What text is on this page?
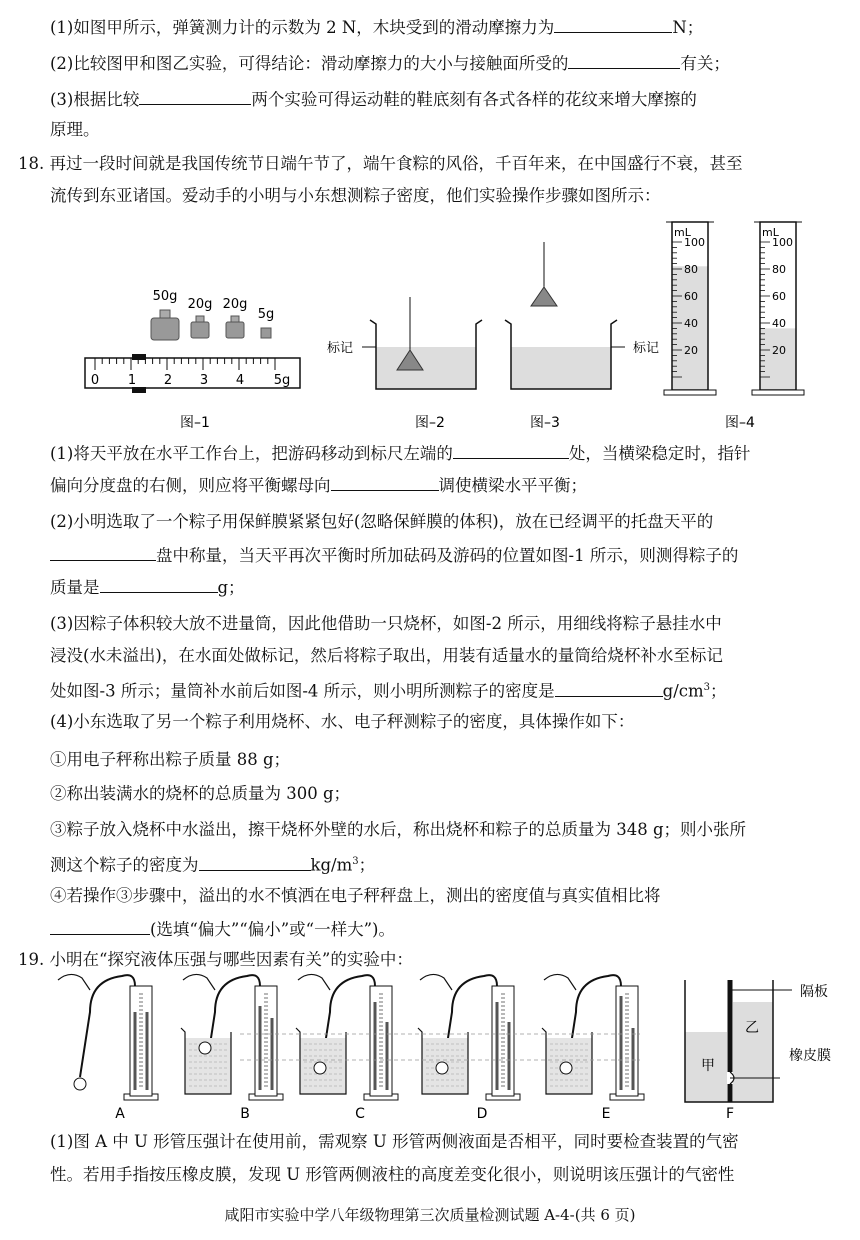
(1)如图甲所示，弹簧测力计的示数为 2 N，木块受到的滑动摩擦力为	N；
(2)比较图甲和图乙实验，可得结论：滑动摩擦力的大小与接触面所受的	有关；
(3)根据比较	两个实验可得运动鞋的鞋底刻有各式各样的花纹来增大摩擦的
原理。
18. 再过一段时间就是我国传统节日端午节了，端午食粽的风俗，千百年来，在中国盛行不衰，甚至
流传到东亚诸国。爱动手的小明与小东想测粽子密度，他们实验操作步骤如图所示：
50g
20g 20g
5g
0 1 2 3 4 5g
图–1
标记
图–2
标记
图–3
mL
100
80
60
40
20
mL
100
80
60
40
20
图–4
(1)将天平放在水平工作台上，把游码移动到标尺左端的	处，当横梁稳定时，指针
偏向分度盘的右侧，则应将平衡螺母向	调使横梁水平平衡；
(2)小明选取了一个粽子用保鲜膜紧紧包好(忽略保鲜膜的体积)，放在已经调平的托盘天平的
盘中称量，当天平再次平衡时所加砝码及游码的位置如图-1 所示，则测得粽子的
质量是	g；
(3)因粽子体积较大放不进量筒，因此他借助一只烧杯，如图-2 所示，用细线将粽子悬挂水中
浸没(水未溢出)，在水面处做标记，然后将粽子取出，用装有适量水的量筒给烧杯补水至标记
处如图-3 所示；量筒补水前后如图-4 所示，则小明所测粽子的密度是	$g/cm^3$；
(4)小东选取了另一个粽子利用烧杯、水、电子秤测粽子的密度，具体操作如下：
①用电子秤称出粽子质量 88 g；
②称出装满水的烧杯的总质量为 300 g；
③粽子放入烧杯中水溢出，擦干烧杯外壁的水后，称出烧杯和粽子的总质量为 348 g；则小张所
测这个粽子的密度为	$kg/m^3$；
④若操作③步骤中，溢出的水不慎洒在电子秤秤盘上，测出的密度值与真实值相比将
(选填“偏大”“偏小”或“一样大”)。
19. 小明在“探究液体压强与哪些因素有关”的实验中：
隔板
橡皮膜
甲
乙
A	B	C	D	E	F
(1)图 A 中 U 形管压强计在使用前，需观察 U 形管两侧液面是否相平，同时要检查装置的气密
性。若用手指按压橡皮膜，发现 U 形管两侧液柱的高度差变化很小，则说明该压强计的气密性
咸阳市实验中学八年级物理第三次质量检测试题 A-4-(共 6 页)
